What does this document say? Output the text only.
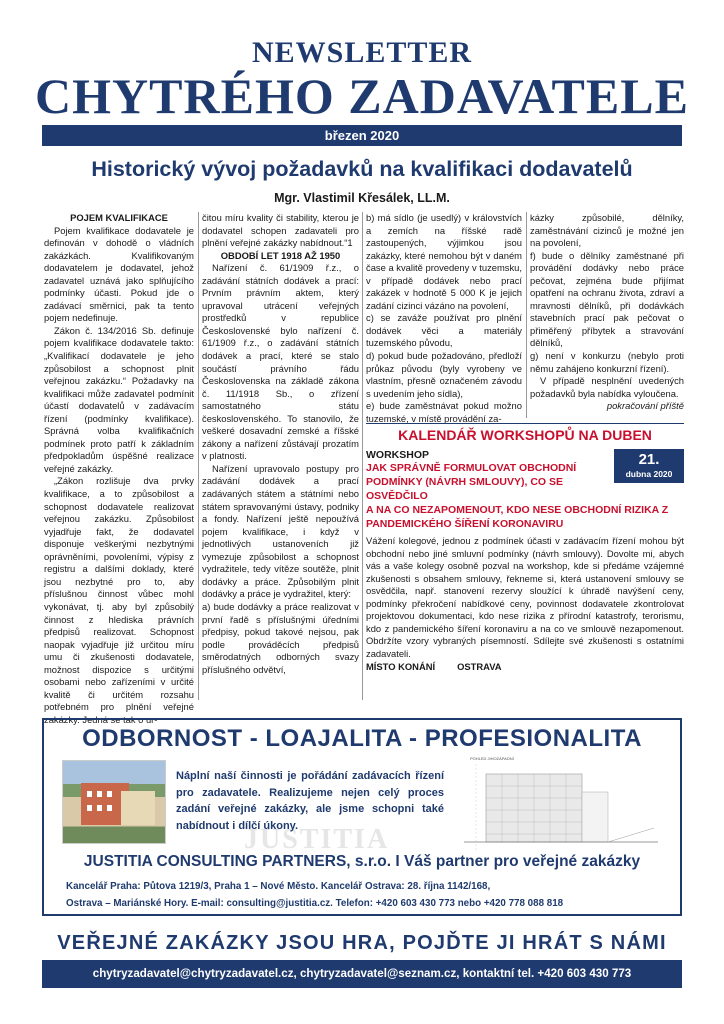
NEWSLETTER
CHYTRÉHO ZADAVATELE
březen 2020
Historický vývoj požadavků na kvalifikaci dodavatelů
Mgr. Vlastimil Křesálek, LL.M.

POJEM KVALIFIKACE

Pojem kvalifikace dodavatele je definován v dohodě o vládních zakázkách. Kvalifikovaným dodavatelem je dodavatel, jehož zadavatel uznává jako splňujícího podmínky účasti. Pokud jde o zadávací směrnici, pak ta tento pojem nedefinuje.

Zákon č. 134/2016 Sb. definuje pojem kvalifikace dodavatele takto: „Kvalifikací dodavatele je jeho způsobilost a schopnost plnit veřejnou zakázku.“ Požadavky na kvalifikaci může zadavatel podmínit účastí dodavatelů v zadávacím řízení (podmínky kvalifikace). Správná volba kvalifikačních podmínek proto patří k základním předpokladům úspěšné realizace veřejné zakázky.

„Zákon rozlišuje dva prvky kvalifikace, a to způsobilost a schopnost dodavatele realizovat veřejnou zakázku. Způsobilost vyjadřuje fakt, že dodavatel disponuje veškerými nezbytnými oprávněními, povoleními, výpisy z registru a dalšími doklady, které jsou nezbytné pro to, aby příslušnou činnost vůbec mohl vykonávat, tj. aby byl způsobilý činnost z hlediska právních předpisů realizovat. Schopnost naopak vyjadřuje již určitou míru umu či zkušenosti dodavatele, možnost dispozice s určitými osobami nebo zařízeními v určité kvalitě či určitém rozsahu potřebném pro plnění veřejné zakázky. Jedná se tak o ur-

čitou míru kvality či stability, kterou je dodavatel schopen zadavateli pro plnění veřejné zakázky nabídnout.“1

OBDOBÍ LET 1918 AŽ 1950

Nařízení č. 61/1909 ř.z., o zadávání státních dodávek a prací: Prvním právním aktem, který upravoval utrácení veřejných prostředků v republice Československé bylo nařízení č. 61/1909 ř.z., o zadávání státních dodávek a prací, které se stalo součástí právního řádu Československa na základě zákona č. 11/1918 Sb., o zřízení samostatného státu československého. To stanovilo, že veškeré dosavadní zemské a říšské zákony a nařízení zůstávají prozatím v platnosti.

Nařízení upravovalo postupy pro zadávání dodávek a prací zadávaných státem a státními nebo státem spravovanými ústavy, podniky a fondy. Nařízení ještě nepoužívá pojem kvalifikace, i když v jednotlivých ustanoveních již vymezuje způsobilost a schopnost vydražitele, tedy vítěze soutěže, plnit dodávky a práce. Způsobilým plnit dodávky a práce je vydražitel, který:

a) bude dodávky a práce realizovat v první řadě s příslušnými úředními předpisy, pokud takové nejsou, pak podle prováděcích předpisů směrodatných odborných svazy příslušného odvětví,

b) má sídlo (je usedlý) v královstvích a zemích na říšské radě zastoupených, výjimkou jsou zakázky, které nemohou být v daném čase a kvalitě provedeny v tuzemsku, v případě dodávek nebo prací zakázek v hodnotě 5 000 K je jejich zadání cizinci vázáno na povolení,

c) se zaváže používat pro plnění dodávek věci a materiály tuzemského původu,

d) pokud bude požadováno, předloží průkaz původu (byly vyrobeny ve vlastním, přesně označeném závodu s uvedením jeho sídla),

e) bude zaměstnávat pokud možno tuzemské, v místě provádění za-

kázky způsobilé, dělníky, zaměstnávání cizinců je možné jen na povolení,

f) bude o dělníky zaměstnané při provádění dodávky nebo práce pečovat, zejména bude přijímat opatření na ochranu života, zdraví a mravnosti dělníků, při dodávkách stavebních prací pak pečovat o přiměřený příbytek a stravování dělníků,

g) není v konkurzu (nebylo proti němu zahájeno konkurzní řízení).

V případě nesplnění uvedených požadavků byla nabídka vyloučena.

pokračování příště

KALENDÁŘ WORKSHOPŮ NA DUBEN
WORKSHOP
JAK SPRÁVNĚ FORMULOVAT OBCHODNÍ PODMÍNKY (NÁVRH SMLOUVY), CO SE OSVĚDČILO
21.
dubna 2020
A NA CO NEZAPOMENOUT, KDO NESE OBCHODNÍ RIZIKA Z PANDEMICKÉHO ŠÍŘENÍ KORONAVIRU
Vážení kolegové, jednou z podmínek účasti v zadávacím řízení mohou být obchodní nebo jiné smluvní podmínky (návrh smlouvy). Dovolte mi, abych vás a vaše kolegy osobně pozval na workshop, kde si předáme vzájemné zkušenosti s obsahem smlouvy, řekneme si, která ustanovení smlouvy se osvědčila, např. stanovení rezervy sloužící k úhradě navýšení ceny, podmínky překročení nabídkové ceny, povinnost dodavatele zkontrolovat projektovou dokumentaci, kdo nese rizika z přírodní katastrofy, terorismu, kdo z pandemického šíření koronaviru a na co ve smlouvě nezapomenout. Obdržíte vzory vybraných písemností. Sdílejte své zkušenosti s ostatními zadavateli.
MÍSTO KONÁNÍ OSTRAVA
ODBORNOST - LOAJALITA - PROFESIONALITA
JUSTITIA
Náplní naší činnosti je pořádání zadávacích řízení pro zadavatele. Realizujeme nejen celý proces zadání veřejné zakázky, ale jsme schopni také nabídnout i dílčí úkony.
POHLED JIHOZÁPADNÍ
JUSTITIA CONSULTING PARTNERS, s.r.o. I Váš partner pro veřejné zakázky
Kancelář Praha: Půtova 1219/3, Praha 1 – Nové Město. Kancelář Ostrava: 28. října 1142/168,
Ostrava – Mariánské Hory. E-mail: consulting@justitia.cz. Telefon: +420 603 430 773 nebo +420 778 088 818
VEŘEJNÉ ZAKÁZKY JSOU HRA, POJĎTE JI HRÁT S NÁMI
chytryzadavatel@chytryzadavatel.cz, chytryzadavatel@seznam.cz, kontaktní tel. +420 603 430 773
